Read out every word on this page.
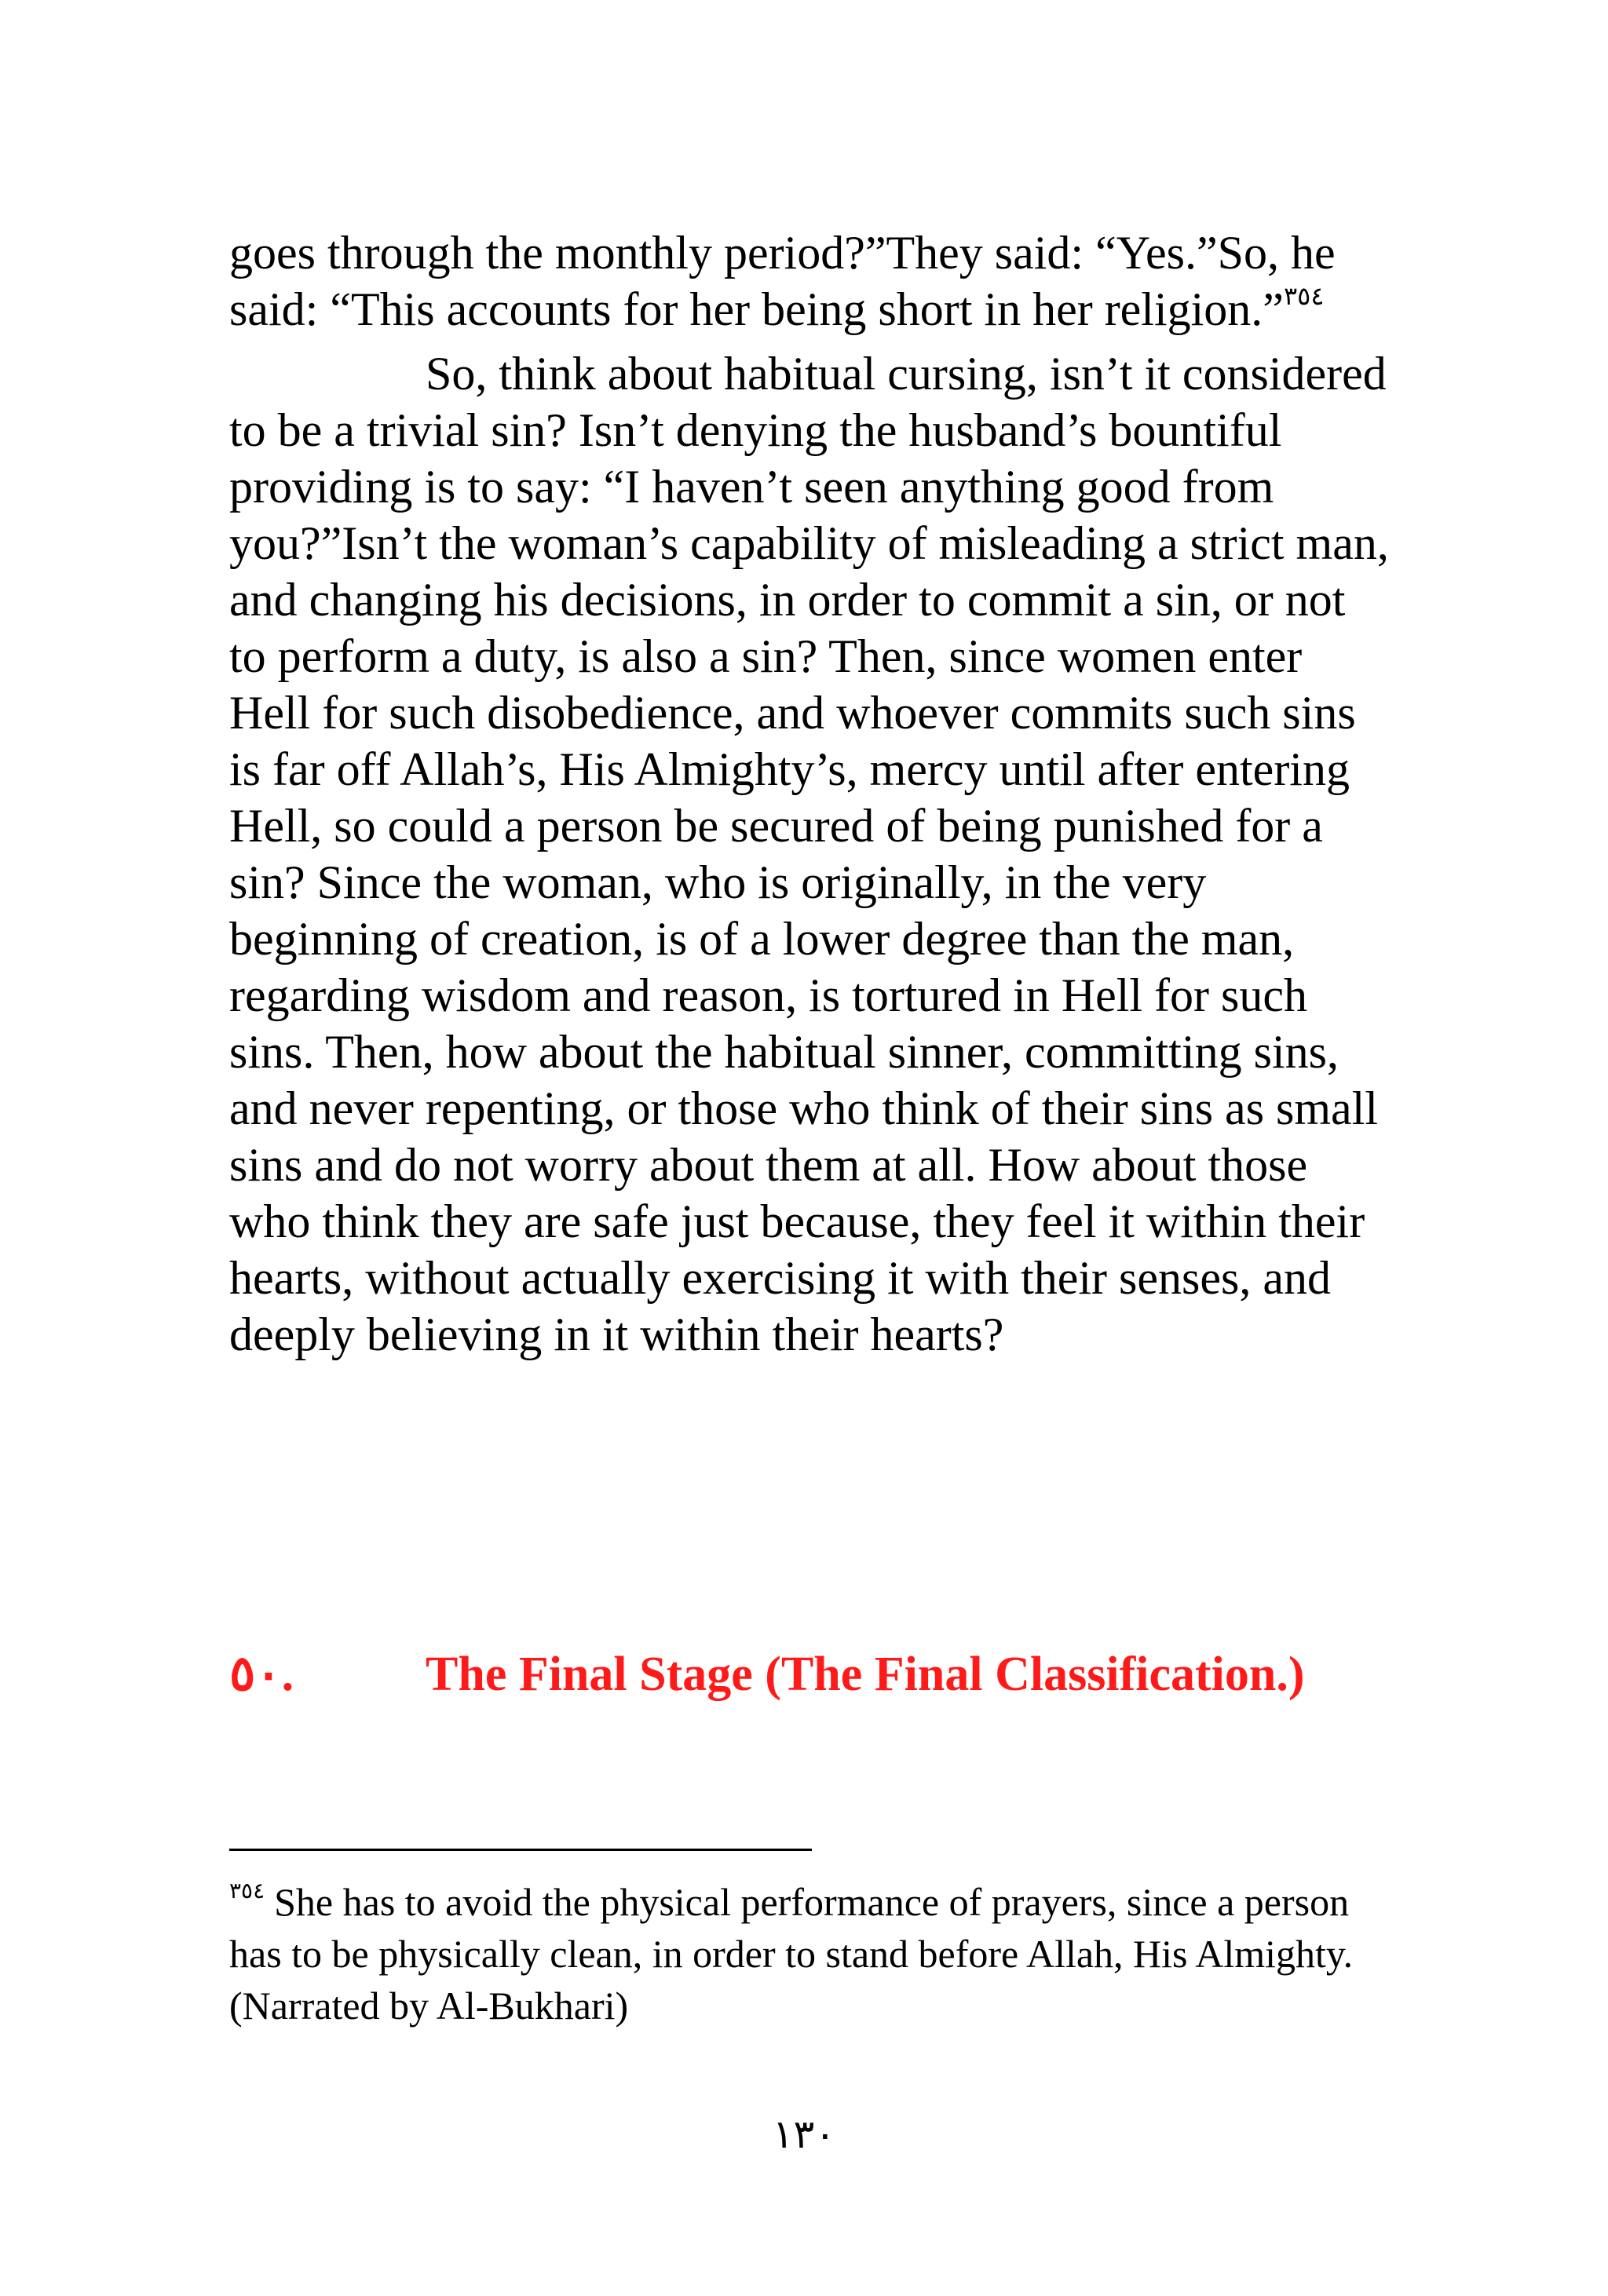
goes through the monthly period?”They said: “Yes.”So, he said: “This accounts for her being short in her religion.”$^{٣٥٤}$

So, think about habitual cursing, isn’t it considered to be a trivial sin? Isn’t denying the husband’s bountiful providing is to say: “I haven’t seen anything good from you?”Isn’t the woman’s capability of misleading a strict man, and changing his decisions, in order to commit a sin, or not to perform a duty, is also a sin? Then, since women enter Hell for such disobedience, and whoever commits such sins is far off Allah’s, His Almighty’s, mercy until after entering Hell, so could a person be secured of being punished for a sin? Since the woman, who is originally, in the very beginning of creation, is of a lower degree than the man, regarding wisdom and reason, is tortured in Hell for such sins. Then, how about the habitual sinner, committing sins, and never repenting, or those who think of their sins as small sins and do not worry about them at all. How about those who think they are safe just because, they feel it within their hearts, without actually exercising it with their senses, and deeply believing in it within their hearts?

٥٠.	The Final Stage (The Final Classification.)

$^{٣٥٤}$ She has to avoid the physical performance of prayers, since a person has to be physically clean, in order to stand before Allah, His Almighty. (Narrated by Al-Bukhari)

١٣٠
